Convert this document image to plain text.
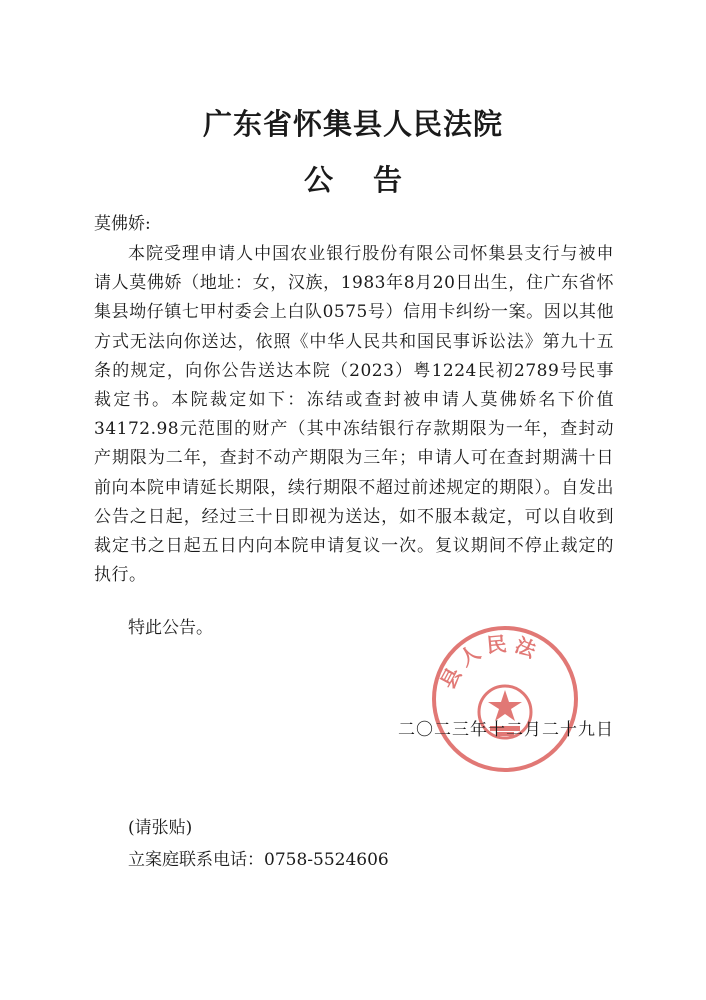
广东省怀集县人民法院
公告
莫佛娇:
本院受理申请人中国农业银行股份有限公司怀集县支行与被申请人莫佛娇（地址：女，汉族，1983年8月20日出生，住广东省怀集县坳仔镇七甲村委会上白队0575号）信用卡纠纷一案。因以其他方式无法向你送达，依照《中华人民共和国民事诉讼法》第九十五条的规定，向你公告送达本院（2023）粤1224民初2789号民事裁定书。本院裁定如下：冻结或查封被申请人莫佛娇名下价值34172.98元范围的财产（其中冻结银行存款期限为一年，查封动产期限为二年，查封不动产期限为三年；申请人可在查封期满十日前向本院申请延长期限，续行期限不超过前述规定的期限）。自发出公告之日起，经过三十日即视为送达，如不服本裁定，可以自收到裁定书之日起五日内向本院申请复议一次。复议期间不停止裁定的执行。
特此公告。
县人民法
二〇二三年十二月二十九日
(请张贴)
立案庭联系电话：0758-5524606
